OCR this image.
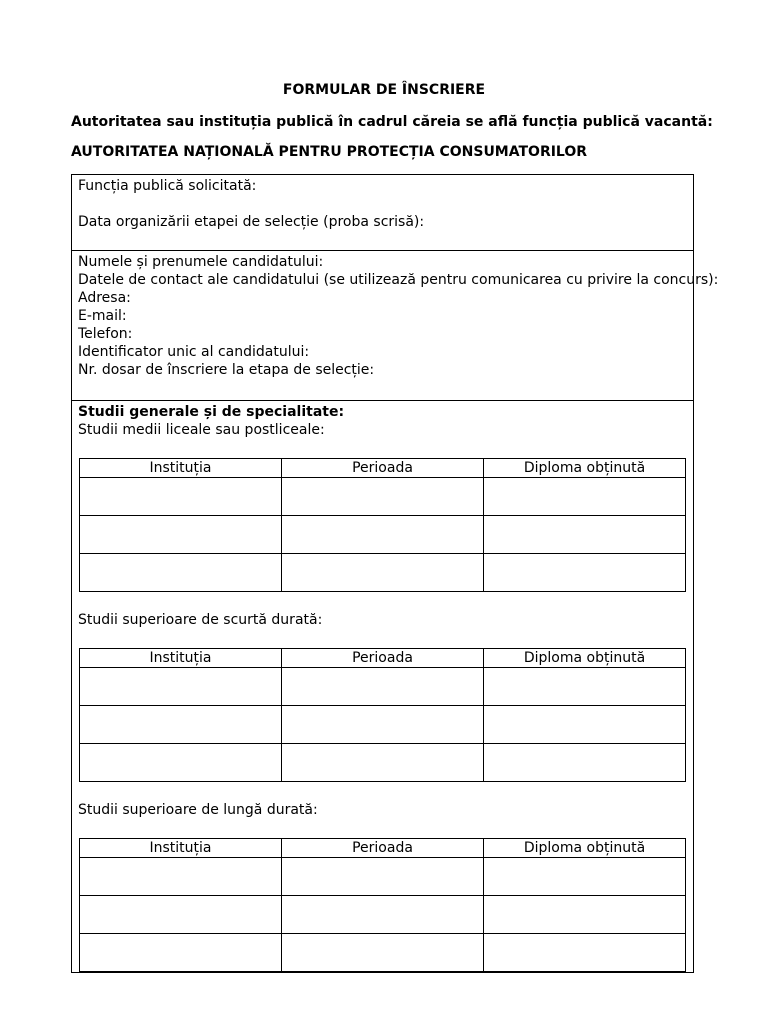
FORMULAR DE ÎNSCRIERE
Autoritatea sau instituția publică în cadrul căreia se află funcția publică vacantă:
AUTORITATEA NAȚIONALĂ PENTRU PROTECȚIA CONSUMATORILOR
Funcția publică solicitată:
Data organizării etapei de selecție (proba scrisă):
Numele și prenumele candidatului:
Datele de contact ale candidatului (se utilizează pentru comunicarea cu privire la concurs):
Adresa:
E-mail:
Telefon:
Identificator unic al candidatului:
Nr. dosar de înscriere la etapa de selecție:
Studii generale și de specialitate:
Studii medii liceale sau postliceale:
Instituția	Perioada	Diploma obținută

Studii superioare de scurtă durată:
Instituția	Perioada	Diploma obținută

Studii superioare de lungă durată:
Instituția	Perioada	Diploma obținută
